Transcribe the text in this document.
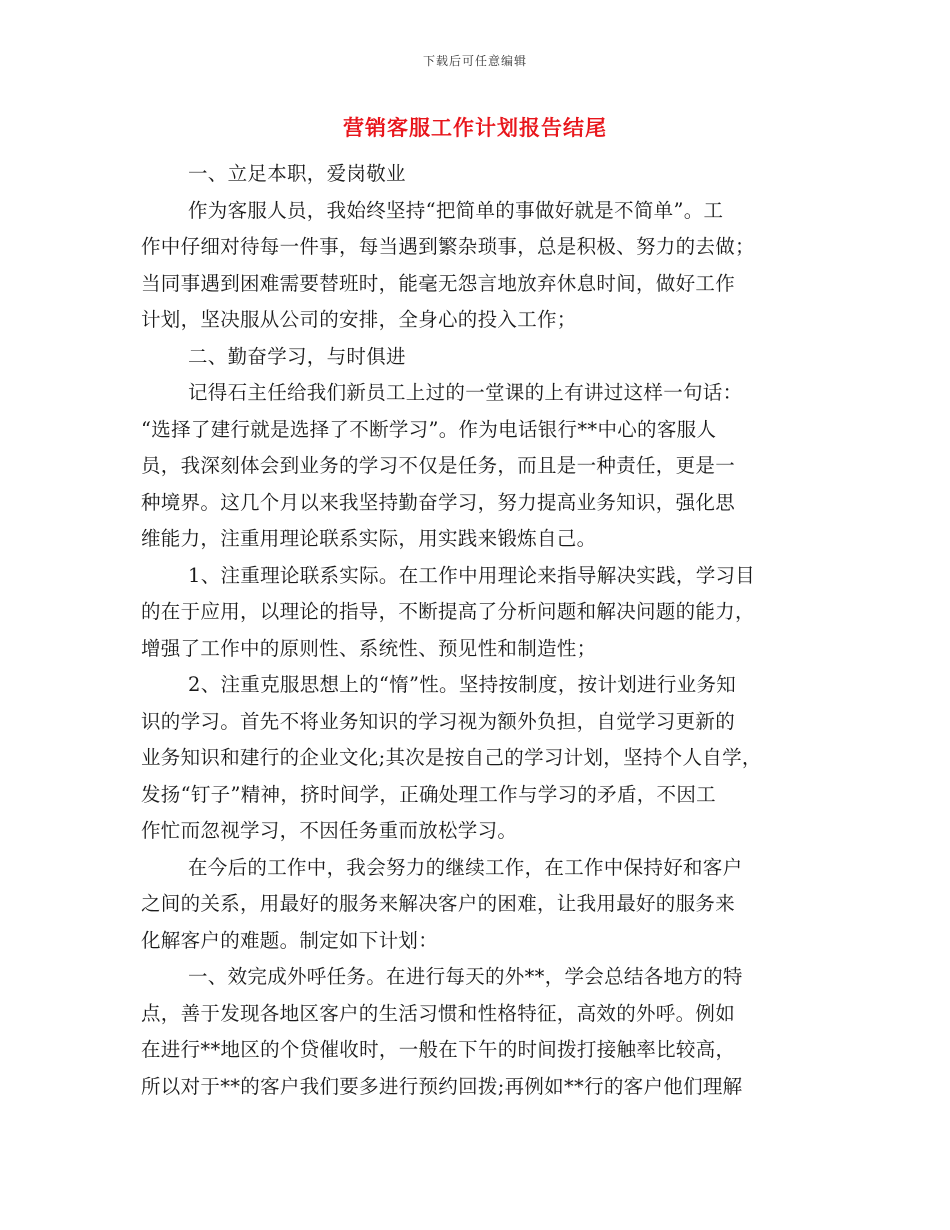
下载后可任意编辑
营销客服工作计划报告结尾
一、立足本职，爱岗敬业
作为客服人员，我始终坚持“把简单的事做好就是不简单”。工
作中仔细对待每一件事，每当遇到繁杂琐事，总是积极、努力的去做；
当同事遇到困难需要替班时，能毫无怨言地放弃休息时间，做好工作
计划，坚决服从公司的安排，全身心的投入工作；
二、勤奋学习，与时俱进
记得石主任给我们新员工上过的一堂课的上有讲过这样一句话：
“选择了建行就是选择了不断学习”。作为电话银行**中心的客服人
员，我深刻体会到业务的学习不仅是任务，而且是一种责任，更是一
种境界。这几个月以来我坚持勤奋学习，努力提高业务知识，强化思
维能力，注重用理论联系实际，用实践来锻炼自己。
1、注重理论联系实际。在工作中用理论来指导解决实践，学习目
的在于应用，以理论的指导，不断提高了分析问题和解决问题的能力，
增强了工作中的原则性、系统性、预见性和制造性；
2、注重克服思想上的“惰”性。坚持按制度，按计划进行业务知
识的学习。首先不将业务知识的学习视为额外负担，自觉学习更新的
业务知识和建行的企业文化;其次是按自己的学习计划，坚持个人自学，
发扬“钉子”精神，挤时间学，正确处理工作与学习的矛盾，不因工
作忙而忽视学习，不因任务重而放松学习。
在今后的工作中，我会努力的继续工作，在工作中保持好和客户
之间的关系，用最好的服务来解决客户的困难，让我用最好的服务来
化解客户的难题。制定如下计划：
一、效完成外呼任务。在进行每天的外**，学会总结各地方的特
点，善于发现各地区客户的生活习惯和性格特征，高效的外呼。例如
在进行**地区的个贷催收时，一般在下午的时间拨打接触率比较高，
所以对于**的客户我们要多进行预约回拨;再例如**行的客户他们理解
